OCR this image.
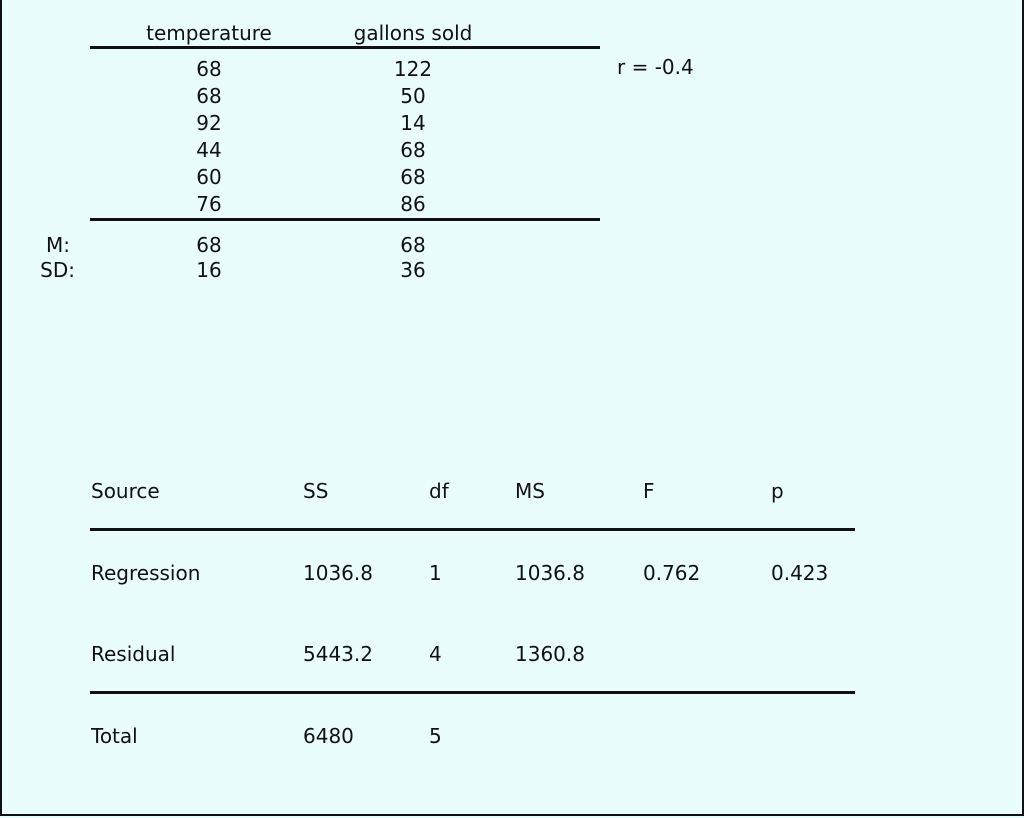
temperature	gallons sold
68	122
68	50
92	14
44	68
60	68
76	86
M:	68	68
SD:	16	36
r = -0.4
Source	SS	df	MS	F	p
Regression	1036.8	1	1036.8	0.762	0.423
Residual	5443.2	4	1360.8
Total	6480	5
